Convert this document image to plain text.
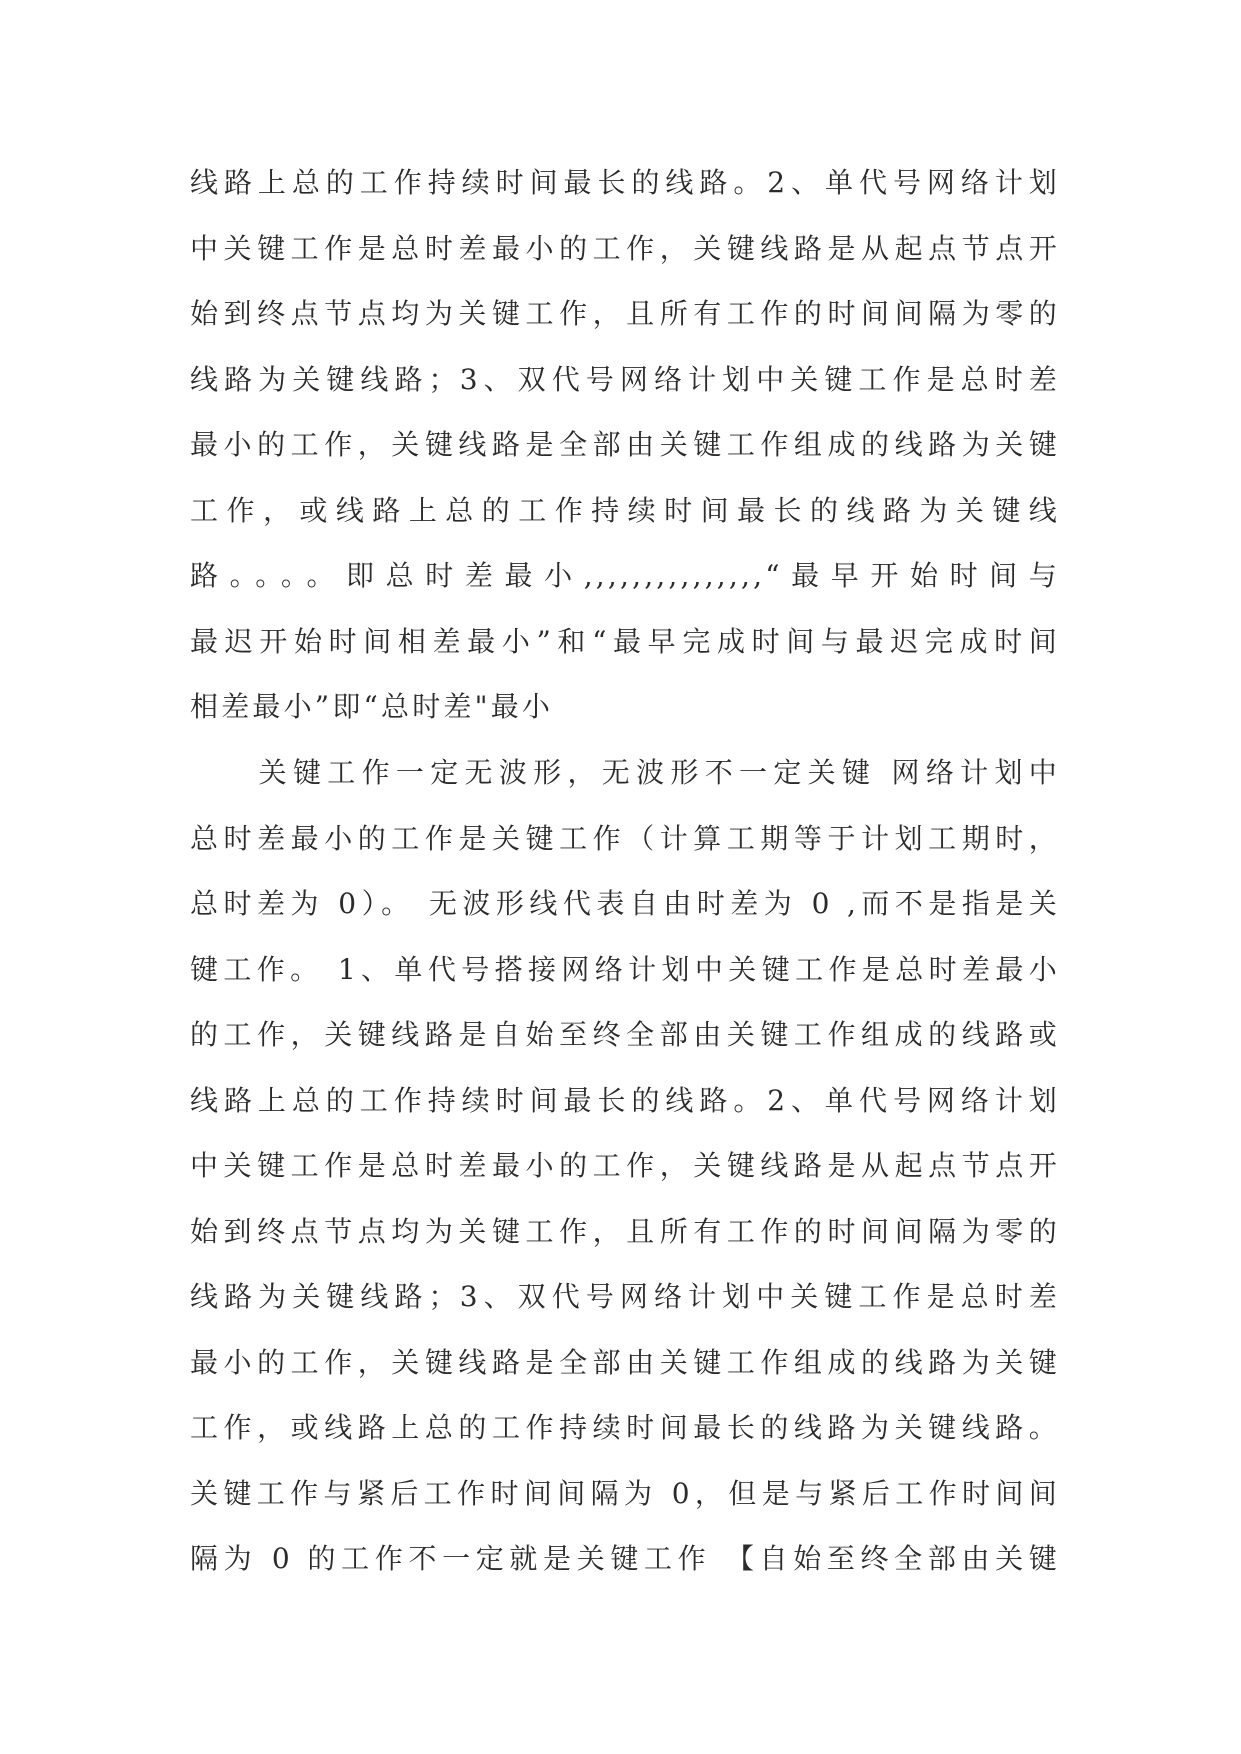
线路上总的工作持续时间最长的线路。2、单代号网络计划
中关键工作是总时差最小的工作，关键线路是从起点节点开
始到终点节点均为关键工作，且所有工作的时间间隔为零的
线路为关键线路；3、双代号网络计划中关键工作是总时差
最小的工作，关键线路是全部由关键工作组成的线路为关键
工作，或线路上总的工作持续时间最长的线路为关键线
路。。。。即总时差最小,,,,,,,,,,,,,,,“最早开始时间与
最迟开始时间相差最小”和“最早完成时间与最迟完成时间
相差最小”即“总时差"最小
　　关键工作一定无波形，无波形不一定关键 网络计划中
总时差最小的工作是关键工作（计算工期等于计划工期时，
总时差为 0）。 无波形线代表自由时差为 0 ,而不是指是关
键工作。 1、单代号搭接网络计划中关键工作是总时差最小
的工作，关键线路是自始至终全部由关键工作组成的线路或
线路上总的工作持续时间最长的线路。2、单代号网络计划
中关键工作是总时差最小的工作，关键线路是从起点节点开
始到终点节点均为关键工作，且所有工作的时间间隔为零的
线路为关键线路；3、双代号网络计划中关键工作是总时差
最小的工作，关键线路是全部由关键工作组成的线路为关键
工作，或线路上总的工作持续时间最长的线路为关键线路。
关键工作与紧后工作时间间隔为 0，但是与紧后工作时间间
隔为 0 的工作不一定就是关键工作 【自始至终全部由关键
